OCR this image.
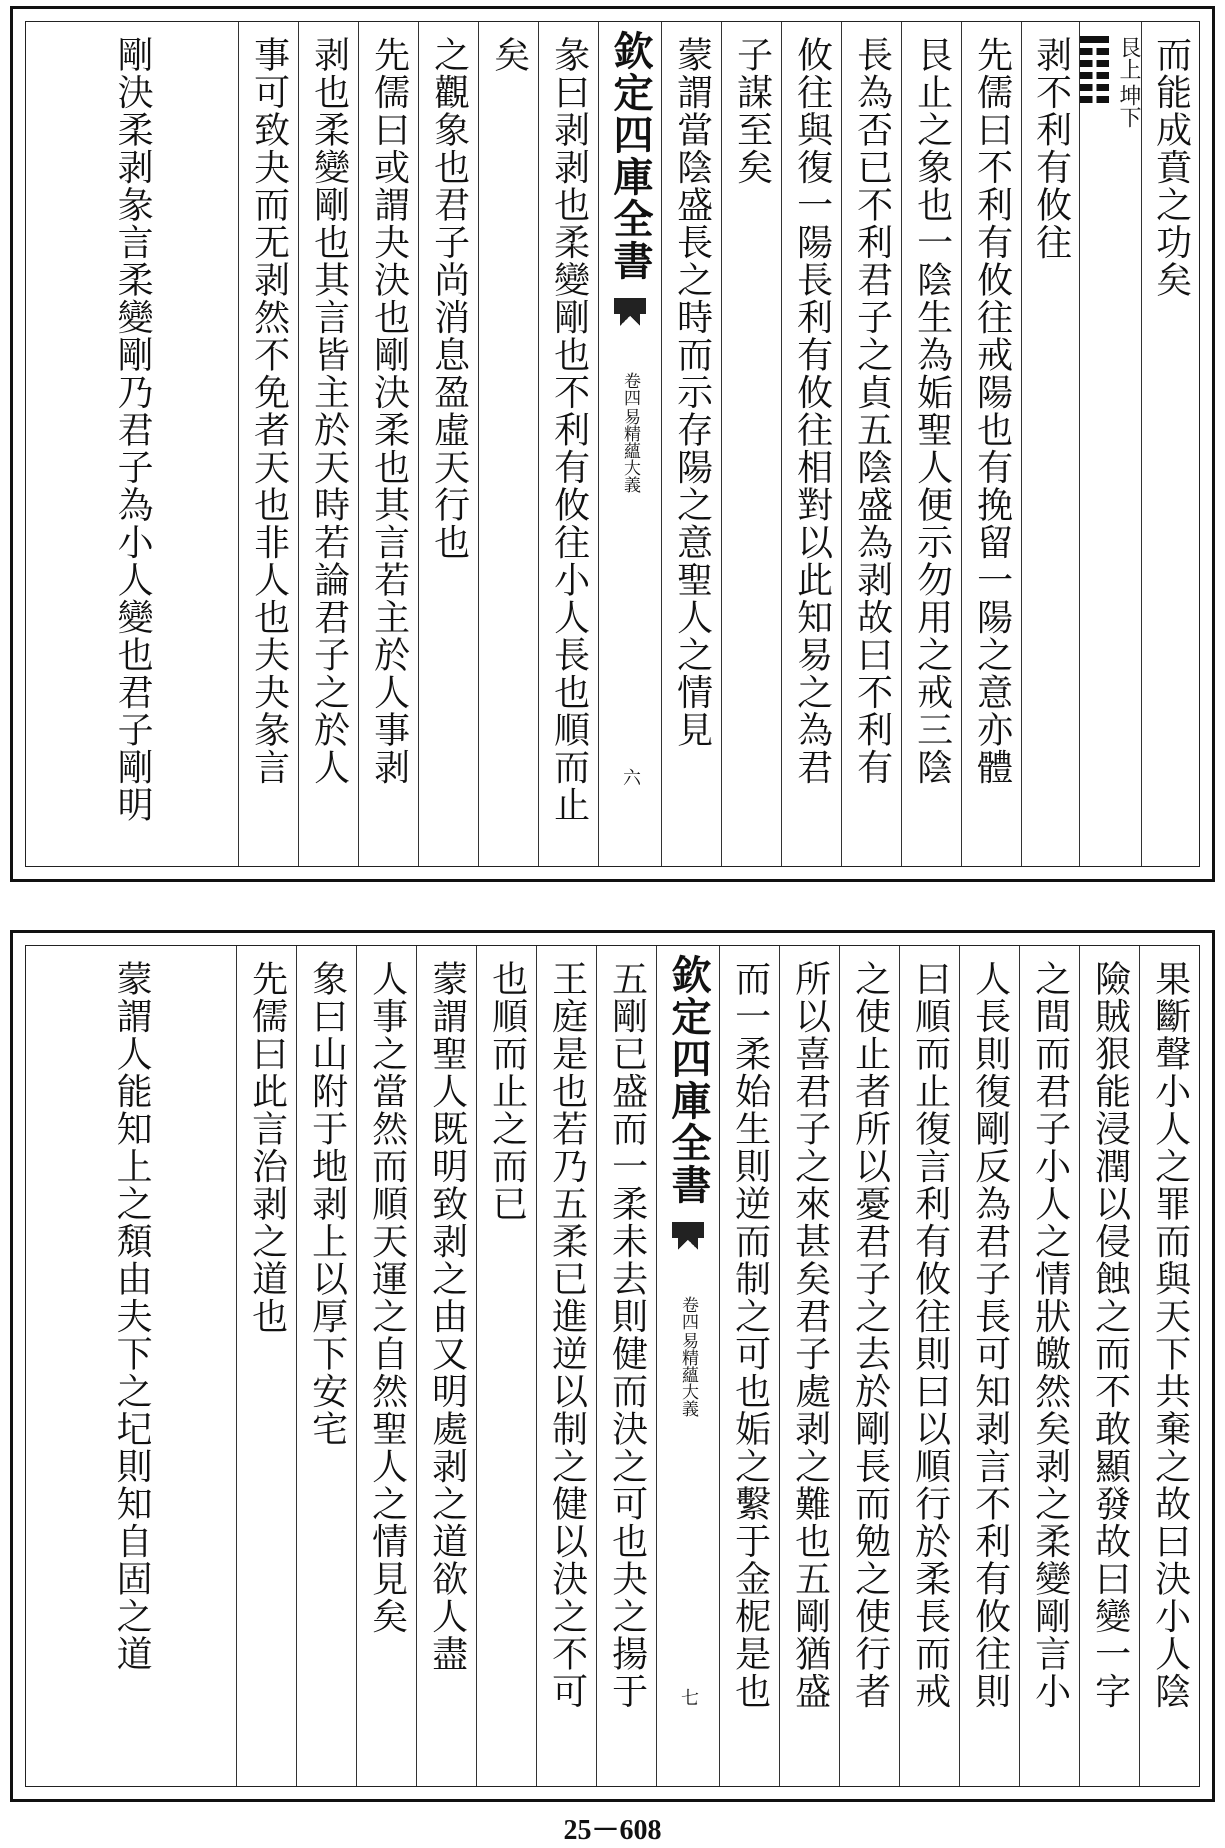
而能成賁之功矣
坤下
艮上
剥不利有攸往
先儒曰不利有攸往戒陽也有挽留一陽之意亦體
艮止之象也一陰生為姤聖人便示勿用之戒三陰
長為否已不利君子之貞五陰盛為剥故曰不利有
攸往與復一陽長利有攸往相對以此知易之為君
子謀至矣
蒙謂當陰盛長之時而示存陽之意聖人之情見
欽定四庫全書
易精蘊大義
卷四
六
彖曰剥剥也柔變剛也不利有攸往小人長也順而止
矣
之觀象也君子尚消息盈虛天行也
先儒曰或謂夬決也剛決柔也其言若主於人事剥
剥也柔變剛也其言皆主於天時若論君子之於人
事可致夬而无剥然不免者天也非人也夫夬彖言
剛決柔剥彖言柔變剛乃君子為小人變也君子剛明
果斷聲小人之罪而與天下共棄之故曰決小人陰
險賊狠能浸潤以侵蝕之而不敢顯發故曰變一字
之間而君子小人之情狀皦然矣剥之柔變剛言小
人長則復剛反為君子長可知剥言不利有攸往則
曰順而止復言利有攸往則曰以順行於柔長而戒
之使止者所以憂君子之去於剛長而勉之使行者
所以喜君子之來甚矣君子處剥之難也五剛猶盛
而一柔始生則逆而制之可也姤之繫于金柅是也
欽定四庫全書
易精蘊大義
卷四
七
五剛已盛而一柔未去則健而決之可也夬之揚于
王庭是也若乃五柔已進逆以制之健以決之不可
也順而止之而已
蒙謂聖人既明致剥之由又明處剥之道欲人盡
人事之當然而順天運之自然聖人之情見矣
象曰山附于地剥上以厚下安宅
先儒曰此言治剥之道也
蒙謂人能知上之頽由夫下之圮則知自固之道
25－608
